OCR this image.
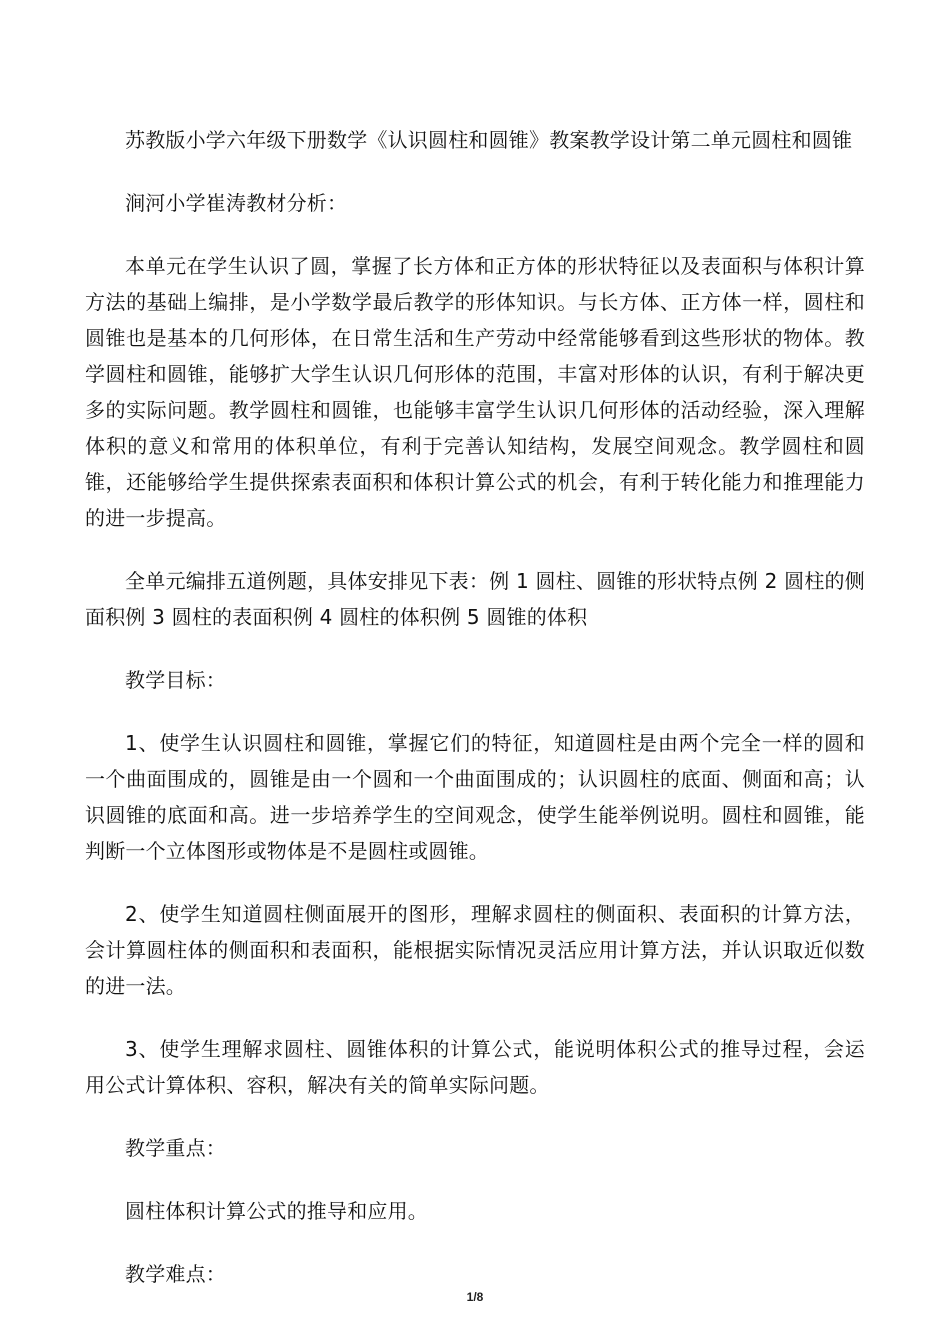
苏教版小学六年级下册数学《认识圆柱和圆锥》教案教学设计第二单元圆柱和圆锥

涧河小学崔涛教材分析：

本单元在学生认识了圆，掌握了长方体和正方体的形状特征以及表面积与体积计算方法的基础上编排，是小学数学最后教学的形体知识。与长方体、正方体一样，圆柱和圆锥也是基本的几何形体，在日常生活和生产劳动中经常能够看到这些形状的物体。教学圆柱和圆锥，能够扩大学生认识几何形体的范围，丰富对形体的认识，有利于解决更多的实际问题。教学圆柱和圆锥，也能够丰富学生认识几何形体的活动经验，深入理解体积的意义和常用的体积单位，有利于完善认知结构，发展空间观念。教学圆柱和圆锥，还能够给学生提供探索表面积和体积计算公式的机会，有利于转化能力和推理能力的进一步提高。

全单元编排五道例题，具体安排见下表：例 1 圆柱、圆锥的形状特点例 2 圆柱的侧面积例 3 圆柱的表面积例 4 圆柱的体积例 5 圆锥的体积

教学目标：

1、使学生认识圆柱和圆锥，掌握它们的特征，知道圆柱是由两个完全一样的圆和一个曲面围成的，圆锥是由一个圆和一个曲面围成的；认识圆柱的底面、侧面和高；认识圆锥的底面和高。进一步培养学生的空间观念，使学生能举例说明。圆柱和圆锥，能判断一个立体图形或物体是不是圆柱或圆锥。

2、使学生知道圆柱侧面展开的图形，理解求圆柱的侧面积、表面积的计算方法，会计算圆柱体的侧面积和表面积，能根据实际情况灵活应用计算方法，并认识取近似数的进一法。

3、使学生理解求圆柱、圆锥体积的计算公式，能说明体积公式的推导过程，会运用公式计算体积、容积，解决有关的简单实际问题。

教学重点：

圆柱体积计算公式的推导和应用。

教学难点：

1/8
